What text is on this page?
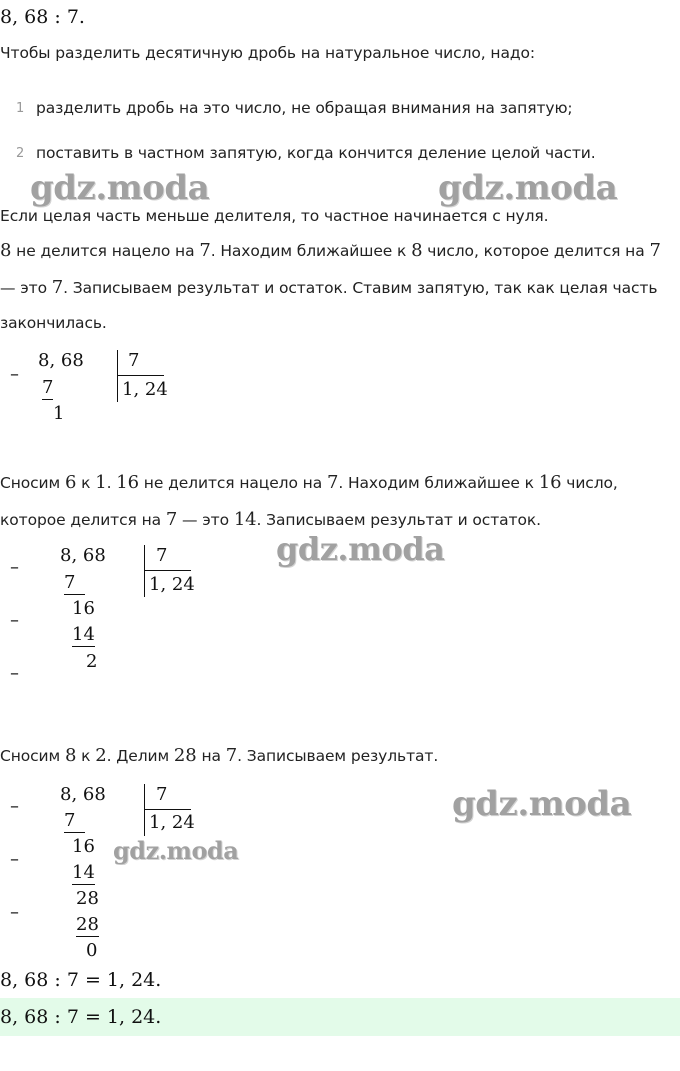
8, 68 : 7.
Чтобы разделить десятичную дробь на натуральное число, надо:
1 разделить дробь на это число, не обращая внимания на запятую;
2 поставить в частном запятую, когда кончится деление целой части.
Если целая часть меньше делителя, то частное начинается с нуля.
8 не делится нацело на 7. Находим ближайшее к 8 число, которое делится на 7
— это 7. Записываем результат и остаток. Ставим запятую, так как целая часть
закончилась.
–
8, 68
7
1
7
1, 24
Сносим 6 к 1. 16 не делится нацело на 7. Находим ближайшее к 16 число,
которое делится на 7 — это 14. Записываем результат и остаток.
–
–
–
8, 68
7
16
14
2
7
1, 24
Сносим 8 к 2. Делим 28 на 7. Записываем результат.
–
–
–
8, 68
7
16
14
28
28
0
7
1, 24
8, 68 : 7 = 1, 24.
8, 68 : 7 = 1, 24.
gdz.moda	gdz.moda
gdz.moda
gdz.moda
gdz.moda
